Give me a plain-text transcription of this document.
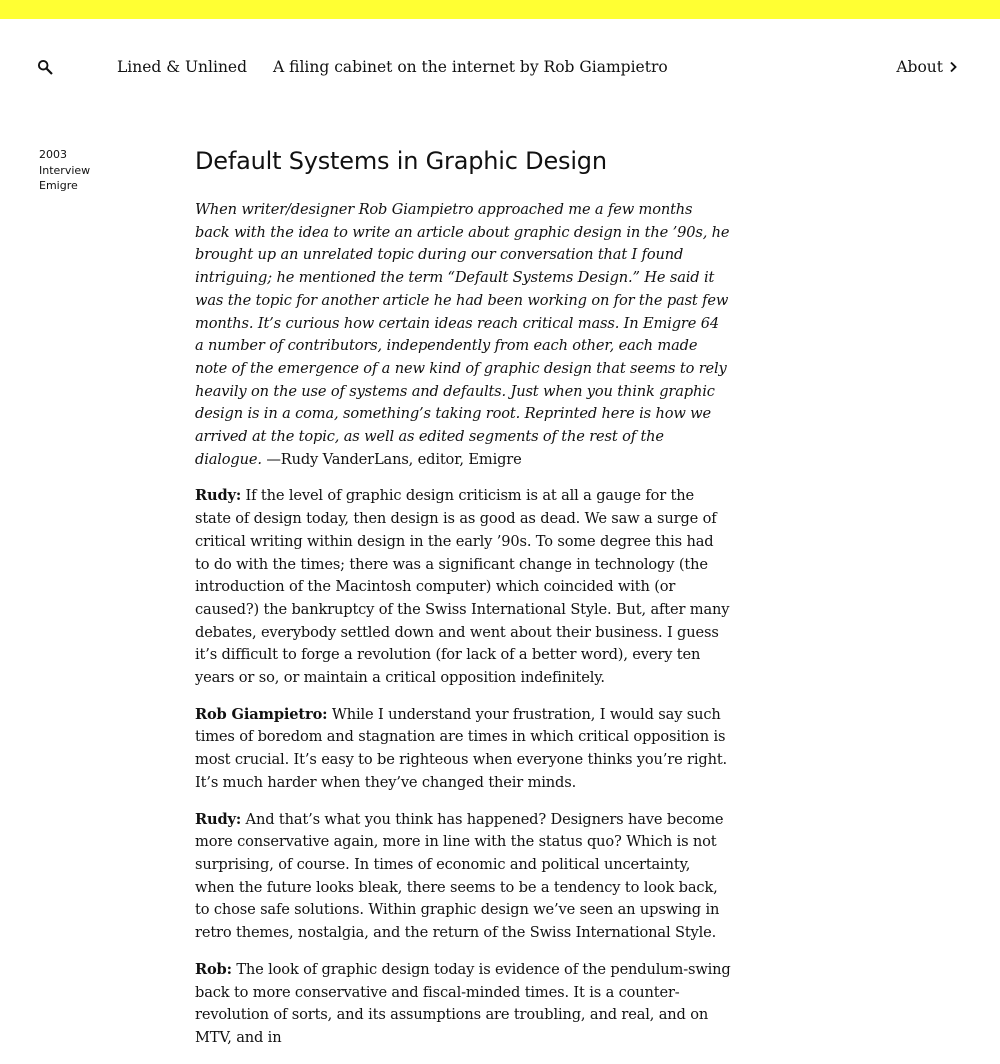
Lined & Unlined A filing cabinet on the internet by Rob Giampietro	About
2003
Interview
Emigre
Default Systems in Graphic Design

When writer/designer Rob Giampietro approached me a few months back with the idea to write an article about graphic design in the ’90s, he brought up an unrelated topic during our conversation that I found intriguing; he mentioned the term “Default Systems Design.” He said it was the topic for another article he had been working on for the past few months. It’s curious how certain ideas reach critical mass. In Emigre 64 a number of contributors, independently from each other, each made note of the emergence of a new kind of graphic design that seems to rely heavily on the use of systems and defaults. Just when you think graphic design is in a coma, something’s taking root. Reprinted here is how we arrived at the topic, as well as edited segments of the rest of the dialogue. —Rudy VanderLans, editor, Emigre

Rudy: If the level of graphic design criticism is at all a gauge for the state of design today, then design is as good as dead. We saw a surge of critical writing within design in the early ’90s. To some degree this had to do with the times; there was a significant change in technology (the introduction of the Macintosh computer) which coincided with (or caused?) the bankruptcy of the Swiss International Style. But, after many debates, everybody settled down and went about their business. I guess it’s difficult to forge a revolution (for lack of a better word), every ten years or so, or maintain a critical opposition indefinitely.

Rob Giampietro: While I understand your frustration, I would say such times of boredom and stagnation are times in which critical opposition is most crucial. It’s easy to be righteous when everyone thinks you’re right. It’s much harder when they’ve changed their minds.

Rudy: And that’s what you think has happened? Designers have become more conservative again, more in line with the status quo? Which is not surprising, of course. In times of economic and political uncertainty, when the future looks bleak, there seems to be a tendency to look back, to chose safe solutions. Within graphic design we’ve seen an upswing in retro themes, nostalgia, and the return of the Swiss International Style.

Rob: The look of graphic design today is evidence of the pendulum-swing back to more conservative and fiscal-minded times. It is a counter-revolution of sorts, and its assumptions are troubling, and real, and on MTV, and in
